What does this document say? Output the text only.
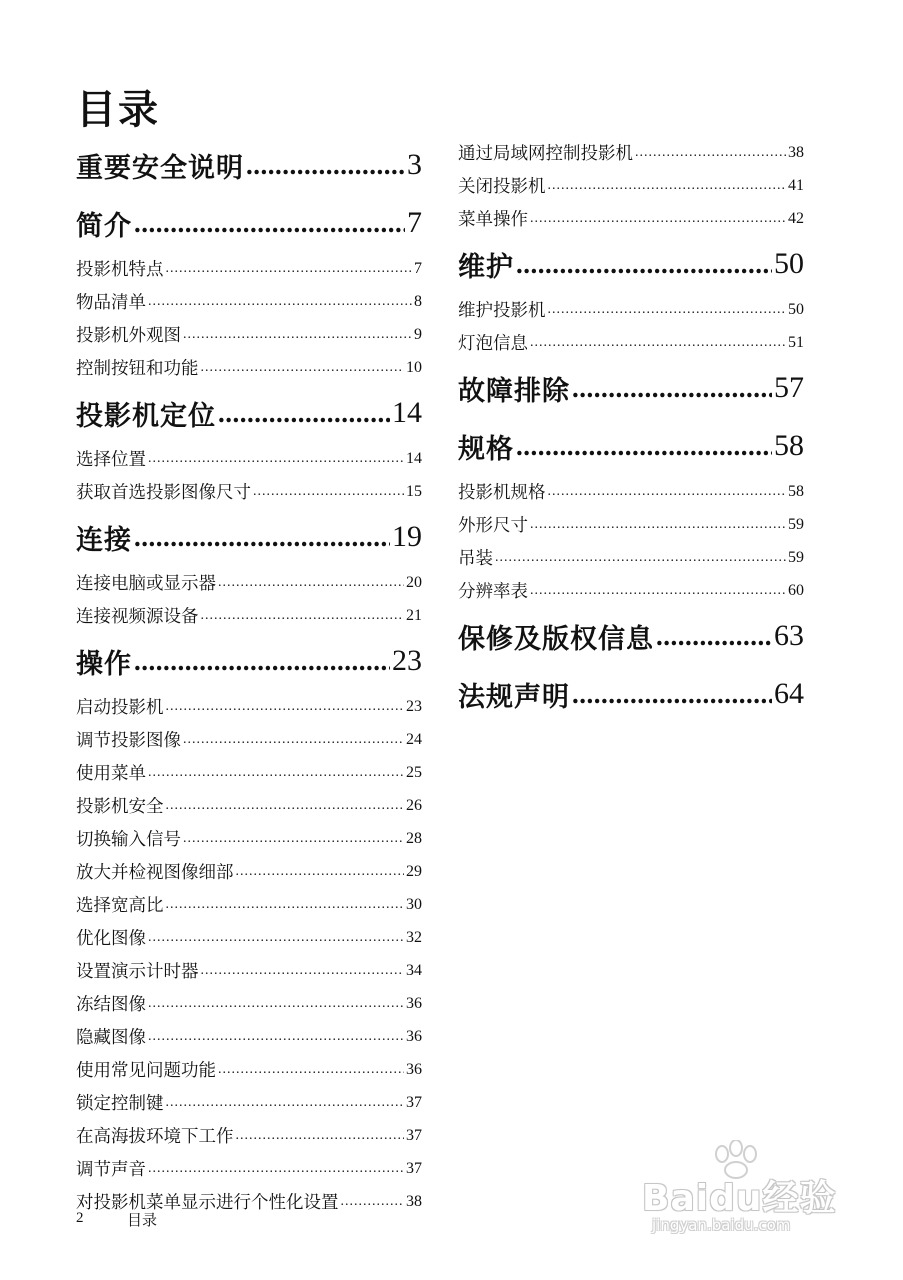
目录
重要安全说明 .....	3
简介 .....	7
投影机特点 .....	7
物品清单 .....	8
投影机外观图 .....	9
控制按钮和功能 .....	10
投影机定位 .....	14
选择位置 .....	14
获取首选投影图像尺寸 .....	15
连接 .....	19
连接电脑或显示器 .....	20
连接视频源设备 .....	21
操作 .....	23
启动投影机 .....	23
调节投影图像 .....	24
使用菜单 .....	25
投影机安全 .....	26
切换输入信号 .....	28
放大并检视图像细部 .....	29
选择宽高比 .....	30
优化图像 .....	32
设置演示计时器 .....	34
冻结图像 .....	36
隐藏图像 .....	36
使用常见问题功能 .....	36
锁定控制键 .....	37
在高海拔环境下工作 .....	37
调节声音 .....	37
对投影机菜单显示进行个性化设置 .....	38
通过局域网控制投影机 .....	38
关闭投影机 .....	41
菜单操作 .....	42
维护 .....	50
维护投影机 .....	50
灯泡信息 .....	51
故障排除 .....	57
规格 .....	58
投影机规格 .....	58
外形尺寸 .....	59
吊装 .....	59
分辨率表 .....	60
保修及版权信息 .....	63
法规声明 .....	64
2	目录
Baidu经验
jingyan.baidu.com
